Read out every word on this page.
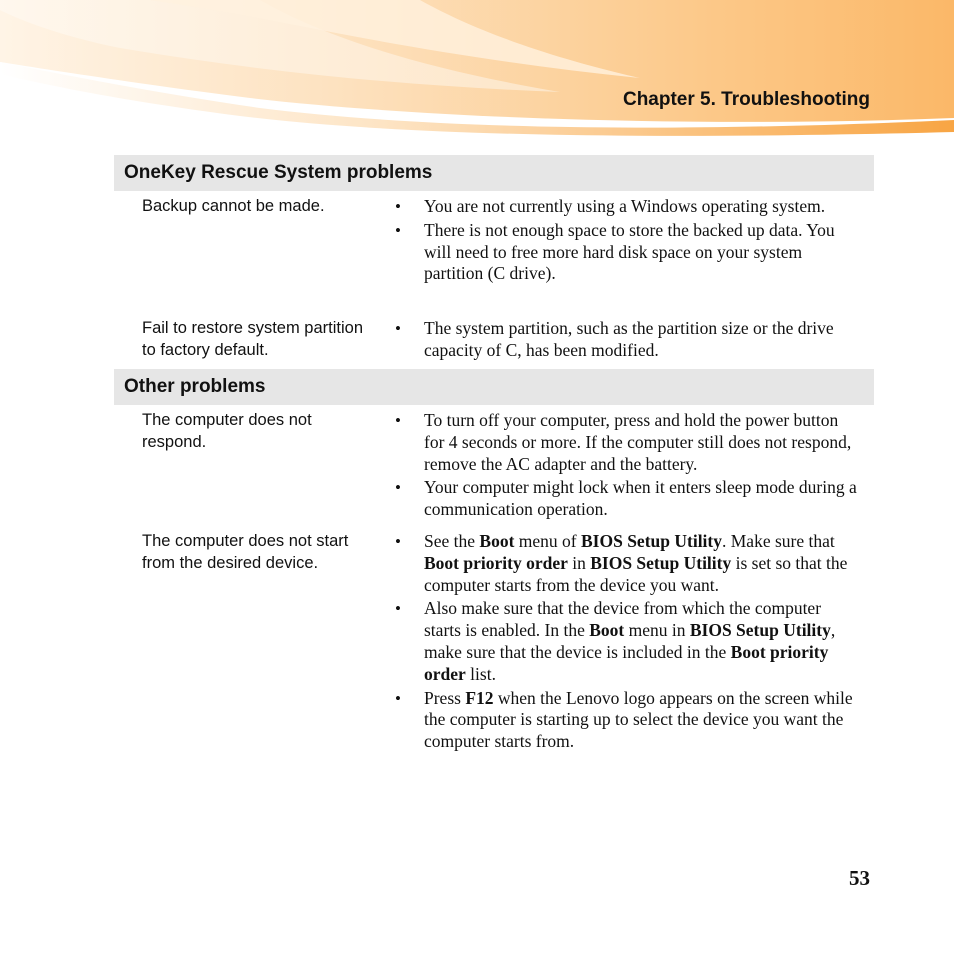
Chapter 5. Troubleshooting
OneKey Rescue System problems
Backup cannot be made.	• You are not currently using a Windows operating system.
• There is not enough space to store the backed up data. You will need to free more hard disk space on your system partition (C drive).
Fail to restore system partition to factory default.
• The system partition, such as the partition size or the drive capacity of C, has been modified.
Other problems
The computer does not respond.
• To turn off your computer, press and hold the power button for 4 seconds or more. If the computer still does not respond, remove the AC adapter and the battery.
• Your computer might lock when it enters sleep mode during a communication operation.
The computer does not start from the desired device.
• See the Boot menu of BIOS Setup Utility. Make sure that Boot priority order in BIOS Setup Utility is set so that the computer starts from the device you want.
• Also make sure that the device from which the computer starts is enabled. In the Boot menu in BIOS Setup Utility, make sure that the device is included in the Boot priority order list.
• Press F12 when the Lenovo logo appears on the screen while the computer is starting up to select the device you want the computer starts from.
53
